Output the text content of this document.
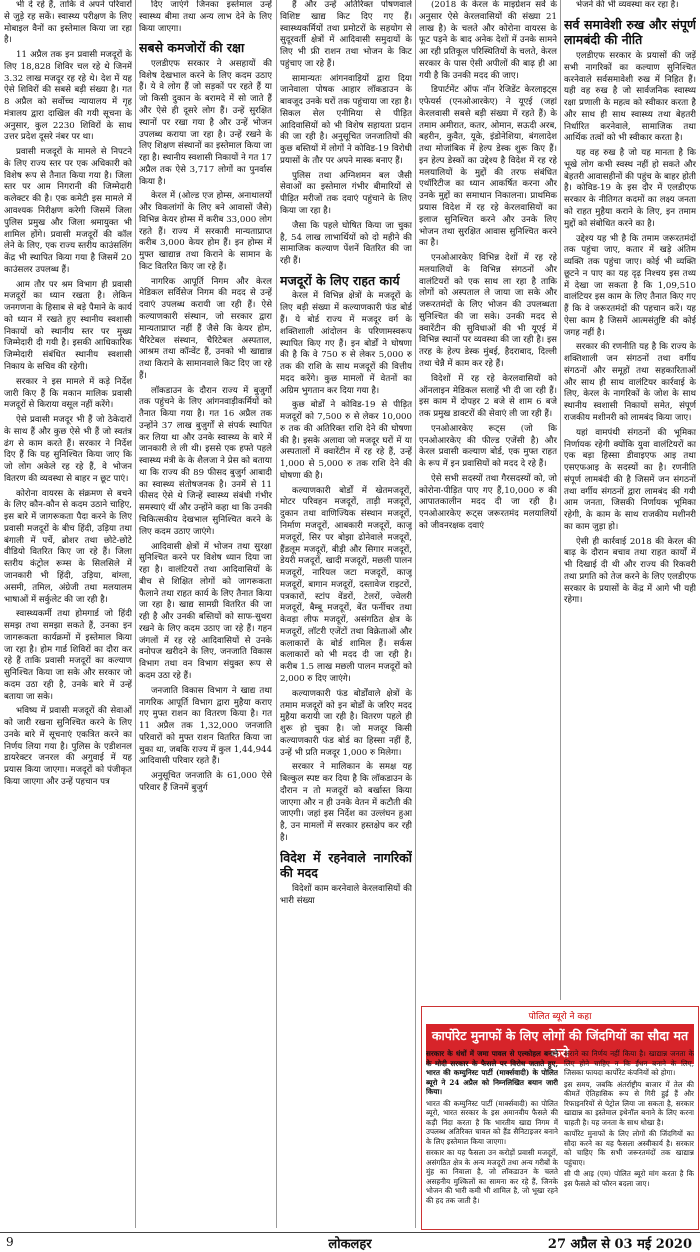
भी दे रहे हैं, ताकि वे अपने परिवारों से जुड़े रह सकें। स्वास्थ्य परीक्षण के लिए मोबाइल वैनों का इस्तेमाल किया जा रहा है।

11 अप्रैल तक इन प्रवासी मजदूरों के लिए 18,828 शिविर चल रहे थे जिनमें 3.32 लाख मजदूर रह रहे थे। देश में यह ऐसे शिविरों की सबसे बड़ी संख्या है। गत 8 अप्रैल को सर्वोच्च न्यायालय में गृह मंत्रालय द्वारा दाखिल की गयी सूचना के अनुसार, कुल 2230 शिविरों के साथ उत्तर प्रदेश दूसरे नंबर पर था।

प्रवासी मजदूरों के मामले से निपटने के लिए राज्य स्तर पर एक अधिकारी को विशेष रूप से तैनात किया गया है। जिला स्तर पर आम निगरानी की जिम्मेदारी कलेक्टर की है। एक कमेटी इस मामले में आवश्यक निरीक्षण करेगी जिसमें जिला पुलिस प्रमुख और जिला श्रमायुक्त भी शामिल होंगे। प्रवासी मजदूरों की कॉल लेने के लिए, एक राज्य स्तरीय काउंसलिंग केंद्र भी स्थापित किया गया है जिसमें 20 काउंसलर उपलब्ध हैं।

आम तौर पर श्रम विभाग ही प्रवासी मजदूरों का ध्यान रखता है। लेकिन जनगणना के हिसाब से बड़े पैमाने के कार्य को ध्यान में रखते हुए स्थानीय स्वशासी निकायों को स्थानीय स्तर पर मुख्य जिम्मेदारी दी गयी है। इसकी आधिकारिक जिम्मेदारी संबंधित स्थानीय स्वशासी निकाय के सचिव की रहेगी।

सरकार ने इस मामले में कड़े निर्देश जारी किए हैं कि मकान मालिक प्रवासी मजदूरों से किराया वसूल नहीं करेंगे।

ऐसे प्रवासी मजदूर भी हैं जो ठेकेदारों के साथ हैं और कुछ ऐसे भी हैं जो स्वतंत्र ढंग से काम करते हैं। सरकार ने निर्देश दिए हैं कि यह सुनिश्चित किया जाए कि जो लोग अकेले रह रहे हैं, वे भोजन वितरण की व्यवस्था से बाहर न छूट पाएं।

कोरोना वायरस के संक्रमण से बचने के लिए कौन-कौन से कदम उठाने चाहिए, इस बारे में जागरूकता पैदा करने के लिए प्रवासी मजदूरों के बीच हिंदी, उड़िया तथा बंगाली में पर्चे, ब्रोशर तथा छोटे-छोटे वीडियो वितरित किए जा रहे हैं। जिला स्तरीय कंट्रोल रूम्स के सिलसिले में जानकारी भी हिंदी, उड़िया, बांग्ला, असमी, तमिल, अंग्रेजी तथा मलयालम भाषाओं में सर्कुलेट की जा रही है।

स्वास्थ्यकर्मी तथा होमगार्ड जो हिंदी समझ तथा समझा सकते हैं, उनका इन जागरूकता कार्यक्रमों में इस्तेमाल किया जा रहा है। होम गार्ड शिविरों का दौरा कर रहे हैं ताकि प्रवासी मजदूरों का कल्याण सुनिश्चित किया जा सके और सरकार जो कदम उठा रही है, उनके बारे में उन्हें बताया जा सके।

भविष्य में प्रवासी मजदूरों की सेवाओं को जारी रखना सुनिश्चित करने के लिए उनके बारे में सूचनाएं एकत्रित करने का निर्णय लिया गया है। पुलिस के एडीशनल डायरेक्टर जनरल की अगुवाई में यह प्रयास किया जाएगा। मजदूरों को पंजीकृत किया जाएगा और उन्हें पहचान पत्र

दिए जाएंगे जिनका इस्तेमाल उन्हें स्वास्थ्य बीमा तथा अन्य लाभ देने के लिए किया जाएगा।

सबसे कमजोरों की रक्षा

एलडीएफ सरकार ने असहायों की विशेष देखभाल करने के लिए कदम उठाए हैं। ये वे लोग हैं जो सड़कों पर रहते हैं या जो किसी दुकान के बरामदे में सो जाते हैं और ऐसे ही दूसरे लोग हैं। उन्हें सुरक्षित स्थानों पर रखा गया है और उन्हें भोजन उपलब्ध कराया जा रहा है। उन्हें रखने के लिए शिक्षण संस्थानों का इस्तेमाल किया जा रहा है। स्थानीय स्वशासी निकायों ने गत 17 अप्रैल तक ऐसे 3,717 लोगों का पुनर्वास किया है।

केरल में (ओल्ड एज होम्स, अनाथालयों और विकलांगों के लिए बने आवासों जैसे) विभिन्न केयर होम्स में करीब 33,000 लोग रहते हैं। राज्य में सरकारी मान्यताप्राप्त करीब 3,000 केयर होम हैं। इन होम्स में मुफ्त खाद्यान्न तथा किराने के सामान के किट वितरित किए जा रहे हैं।

नागरिक आपूर्ति निगम और केरल मेडिकल सर्विसेज निगम की मदद से उन्हें दवाएं उपलब्ध करायी जा रही हैं। ऐसे कल्याणकारी संस्थान, जो सरकार द्वारा मान्यताप्राप्त नहीं हैं जैसे कि केयर होम, चैरिटेबल संस्थान, चैरिटेबल अस्पताल, आश्रम तथा कॉन्वेंट हैं, उनको भी खाद्यान्न तथा किराने के सामानवाले किट दिए जा रहे हैं।

लॉकडाउन के दौरान राज्य में बुजुर्गों तक पहुंचने के लिए आंगनवाड़ीकर्मियों को तैनात किया गया है। गत 16 अप्रैल तक उन्होंने 37 लाख बुजुर्गों से संपर्क स्थापित कर लिया था और उनके स्वास्थ्य के बारे में जानकारी ले ली थी। इससे एक हफ्ते पहले स्वास्थ्य मंत्री के के शैलजा ने प्रेस को बताया था कि राज्य की 89 फीसद बुजुर्ग आबादी का स्वास्थ्य संतोषजनक है। उनमें से 11 फीसद ऐसे थे जिन्हें स्वास्थ्य संबंधी गंभीर समस्याएं थीं और उन्होंने कहा था कि उनकी चिकित्सकीय देखभाल सुनिश्चित करने के लिए कदम उठाए जाएंगे।

आदिवासी क्षेत्रों में भोजन तथा सुरक्षा सुनिश्चित करने पर विशेष ध्यान दिया जा रहा है। वालंटियरों तथा आदिवासियों के बीच से शिक्षित लोगों को जागरूकता फैलाने तथा राहत कार्य के लिए तैनात किया जा रहा है। खाद्य सामग्री वितरित की जा रही है और उनकी बस्तियों को साफ-सुथरा रखने के लिए कदम उठाए जा रहे हैं। गहन जंगलों में रह रहे आदिवासियों से उनके वनोपज खरीदने के लिए, जनजाति विकास विभाग तथा वन विभाग संयुक्त रूप से कदम उठा रहे हैं।

जनजाति विकास विभाग ने खाद्य तथा नागरिक आपूर्ति विभाग द्वारा मुहैया कराए गए मुफ्त राशन का वितरण किया है। गत 11 अप्रैल तक 1,32,000 जनजाति परिवारों को मुफ्त राशन वितरित किया जा चुका था, जबकि राज्य में कुल 1,44,944 आदिवासी परिवार रहते हैं।

अनुसूचित जनजाति के 61,000 ऐसे परिवार हैं जिनमें बुजुर्ग

हैं और उन्हें अतिरिक्त पोषणवाले विशिष्ट खाद्य किट दिए गए हैं। स्वास्थ्यकर्मियों तथा प्रमोटरों के सहयोग से सुदूरवर्ती क्षेत्रों में आदिवासी समुदायों के लिए भी फ्री राशन तथा भोजन के किट पहुंचाए जा रहे हैं।

सामान्यतः आंगनवाड़ियों द्वारा दिया जानेवाला पोषक आहार लॉकडाउन के बावजूद उनके घरों तक पहुंचाया जा रहा है। सिकल सेल एनीमिया से पीड़ित आदिवासियों को भी विशेष सहायता प्रदान की जा रही है। अनुसूचित जनजातियों की कुछ बस्तियों में लोगों ने कोविड-19 विरोधी प्रयासों के तौर पर अपने मास्क बनाए हैं।

पुलिस तथा अग्निशमन बल जैसी सेवाओं का इस्तेमाल गंभीर बीमारियों से पीड़ित मरीजों तक दवाएं पहुंचाने के लिए किया जा रहा है।

जैसा कि पहले घोषित किया जा चुका है, 54 लाख लाभार्थियों को दो महीने की सामाजिक कल्याण पेंशनें वितरित की जा रही हैं।

मजदूरों के लिए राहत कार्य

केरल में विभिन्न क्षेत्रों के मजदूरों के लिए बड़ी संख्या में कल्याणकारी फंड बोर्ड हैं। ये बोर्ड राज्य में मजदूर वर्ग के शक्तिशाली आंदोलन के परिणामस्वरूप स्थापित किए गए हैं। इन बोर्डों ने घोषणा की है कि वे 750 रु से लेकर 5,000 रु तक की राशि के साथ मजदूरों की वित्तीय मदद करेंगे। कुछ मामलों में वेतनों का अग्रिम भुगतान कर दिया गया है।

कुछ बोर्डों ने कोविड-19 से पीड़ित मजदूरों को 7,500 रु से लेकर 10,000 रु तक की अतिरिक्त राशि देने की घोषणा की है। इसके अलावा जो मजदूर घरों में या अस्पतालों में क्वारेंटीन में रह रहे हैं, उन्हें 1,000 से 5,000 रु तक राशि देने की घोषणा की है।

कल्याणकारी बोर्डों में खेतमजदूरों, मोटर परिवहन मजदूरों, ताड़ी मजदूरों, दुकान तथा वाणिज्यिक संस्थान मजदूरों, निर्माण मजदूरों, आबकारी मजदूरों, काजू मजदूरों, सिर पर बोझा ढोनेवाले मजदूरों, हैंडलूम मजदूरों, बीड़ी और सिगार मजदूरों, डेयरी मजदूरों, खादी मजदूरों, मछली पालन मजदूरों, नारियल जटा मजदूरों, काजू मजदूरों, बागान मजदूरों, दस्तावेज राइटरों, पत्रकारों, स्टांप वेंडरों, टेलरों, ज्वेलरी मजदूरों, बैम्बू मजदूरों, बेंत फर्नीचर तथा केवड़ा लीफ मजदूरों, असंगठित क्षेत्र के मजदूरों, लॉटरी एजेंटों तथा विक्रेताओं और कलाकारों के बोर्ड शामिल हैं। सर्कस कलाकारों को भी मदद दी जा रही है। करीब 1.5 लाख मछली पालन मजदूरों को 2,000 रु दिए जाएंगे।

कल्याणकारी फंड बोर्डोंवाले क्षेत्रों के तमाम मजदूरों को इन बोर्डों के जरिए मदद मुहैया करायी जा रही है। वितरण पहले ही शुरू हो चुका है। जो मजदूर किसी कल्याणकारी फंड बोर्ड का हिस्सा नहीं हैं, उन्हें भी प्रति मजदूर 1,000 रु मिलेगा।

सरकार ने मालिकान के समक्ष यह बिल्कुल स्पष्ट कर दिया है कि लॉकडाउन के दौरान न तो मजदूरों को बर्खास्त किया जाएगा और न ही उनके वेतन में कटौती की जाएगी। जहां इस निर्देश का उल्लंघन हुआ है, उन मामलों में सरकार हस्तक्षेप कर रही है।

विदेश में रहनेवाले नागरिकों की मदद

विदेशों काम करनेवाले केरलवासियों की भारी संख्या

(2018 के केरल के माइग्रेशन सर्वे के अनुसार ऐसे केरलवासियों की संख्या 21 लाख है) के चलते और कोरोना वायरस के फूट पड़ने के बाद अनेक देशों में उनके सामने आ रही प्रतिकूल परिस्थितियों के चलते, केरल सरकार के पास ऐसी अपीलों की बाढ़ ही आ गयी है कि उनकी मदद की जाए।

डिपार्टमेंट ऑफ नॉन रेजिडेंट केरलाइट्स एफेयर्स (एनओआरकेए) ने यूएई (जहां केरलवासी सबसे बड़ी संख्या में रहते हैं) के तमाम अमीरात, कतर, ओमान, सऊदी अरब, बहरीन, कुवैत, यूके, इंडोनेशिया, बंगलादेश तथा मोजांबिक में हेल्प डेस्क शुरू किए हैं। इन हेल्प डेस्कों का उद्देश्य है विदेश में रह रहे मलयालियों के मुद्दों की तरफ संबंधित एथॉरिटीज का ध्यान आकर्षित करना और उनके मुद्दों का समाधान निकालना। प्राथमिक प्रयास विदेश में रह रहे केरलवासियों का इलाज सुनिश्चित करने और उनके लिए भोजन तथा सुरक्षित आवास सुनिश्चित करने का है।

एनओआरकेए विभिन्न देशों में रह रहे मलयालियों के विभिन्न संगठनों और वालंटियरों को एक साथ ला रहा है ताकि लोगों को अस्पताल ले जाया जा सके और जरूरतमंदों के लिए भोजन की उपलब्धता सुनिश्चित की जा सके। उनकी मदद से क्वारेंटीन की सुविधाओं की भी यूएई में विभिन्न स्थानों पर व्यवस्था की जा रही है। इस तरह के हेल्प डेस्क मुंबई, हैदराबाद, दिल्ली तथा चेन्नै में काम कर रहे हैं।

विदेशों में रह रहे केरलवासियों को ऑनलाइन मेडिकल सलाहें भी दी जा रही हैं। इस काम में दोपहर 2 बजे से शाम 6 बजे तक प्रमुख डाक्टरों की सेवाएं ली जा रही हैं।

एनओआरकेए रूट्स (जो कि एनओआरकेए की फील्ड एजेंसी है) और केरल प्रवासी कल्याण बोर्ड, एक मुफ्त राहत के रूप में इन प्रवासियों को मदद दे रहे हैं।

ऐसे सभी सदस्यों तथा गैरसदस्यों को, जो कोरोना-पीड़ित पाए गए हैं,10,000 रु की आपातकालीन मदद दी जा रही है। एनओआरकेए रूट्स जरूरतमंद मलयालियों को जीवनरक्षक दवाएं

भेजने की भी व्यवस्था कर रहा है।

सर्व समावेशी रुख और संपूर्ण लामबंदी की नीति

एलडीएफ सरकार के प्रयासों की जड़ें सभी नागरिकों का कल्याण सुनिश्चित करनेवाले सर्वसमावेशी रुख में निहित हैं। यही वह रुख है जो सार्वजनिक स्वास्थ्य रक्षा प्रणाली के महत्व को स्वीकार करता है और साथ ही साथ स्वास्थ्य तथा बेहतरी निर्धारित करनेवाले, सामाजिक तथा आर्थिक तत्वों को भी स्वीकार करता है।

यह वह रुख है जो यह मानता है कि भूखे लोग कभी स्वस्थ नहीं हो सकते और बेहतरी आवासहीनों की पहुंच के बाहर होती है। कोविड-19 के इस दौर में एलडीएफ सरकार के नीतिगत कदमों का लक्ष्य जनता को राहत मुहैया कराने के लिए, इन तमाम मुद्दों को संबोधित करने का है।

उद्देश्य यह भी है कि तमाम जरूरतमंदों तक पहुंचा जाए, कतार में खड़े अंतिम व्यक्ति तक पहुंचा जाए। कोई भी व्यक्ति छूटने न पाए का यह दृढ़ निश्चय इस तथ्य में देखा जा सकता है कि 1,09,510 वालंटियर इस काम के लिए तैनात किए गए हैं कि वे जरूरतमंदों की पहचान करें। यह ऐसा काम है जिसमें आत्मसंतुष्टि की कोई जगह नहीं है।

सरकार की रणनीति यह है कि राज्य के शक्तिशाली जन संगठनों तथा वर्गीय संगठनों और समूहों तथा सहकारिताओं और साथ ही साथ वालंटियर कार्रवाई के लिए, केरल के नागरिकों के जोश के साथ स्थानीय स्वशासी निकायों समेत, संपूर्ण राजकीय मशीनरी को लामबंद किया जाए।

यहां वामपंथी संगठनों की भूमिका निर्णायक रहेगी क्योंकि युवा वालंटियरों का एक बड़ा हिस्सा डीवाइएफ आइ तथा एसएफआइ के सदस्यों का है। रणनीति संपूर्ण लामबंदी की है जिसमें जन संगठनों तथा वर्गीय संगठनों द्वारा लामबंद की गयी आम जनता, जिसकी निर्णायक भूमिका रहेगी, के काम के साथ राजकीय मशीनरी का काम जुड़ा हो।

ऐसी ही कार्रवाई 2018 की केरल की बाढ़ के दौरान बचाव तथा राहत कार्यों में भी दिखाई दी थी और राज्य की रिकवरी तथा प्रगति को तेज करने के लिए एलडीएफ सरकार के प्रयासों के केंद्र में आगे भी यही रहेगा।

पोलित ब्यूरो ने कहा
कार्पोरेट मुनाफों के लिए लोगों की जिंदगियों का सौदा मत करो

सरकार के धंधों में जमा पावल से एल्कोहल बनाने के मोदी सरकार के फैसले पर विरोध जताते हुए, भारत की कम्युनिस्ट पार्टी (मार्क्सवादी) के पोलित ब्यूरो ने 24 अप्रैल को निम्नलिखित बयान जारी किया।

भारत की कम्युनिस्ट पार्टी (मार्क्सवादी) का पोलित ब्यूरो, भारत सरकार के इस अमानवीय फैसले की कड़ी निंदा करता है कि भारतीय खाद्य निगम में उपलब्ध अतिरिक्त चावल को हैंड सैनिटाइजर बनाने के लिए इस्तेमाल किया जाएगा।

सरकार का यह फैसला उन करोड़ों प्रवासी मजदूरों, असंगठित क्षेत्र के अन्य मजदूरों तथा अन्य गरीबों के मुंह का निवाला है, जो लॉकडाउन के चलते असहनीय मुश्किलों का सामना कर रहे हैं, जिनके भोजन की भारी कमी भी शामिल है, जो भूखा रहने की हद तक जाती है।

कराने का निर्णय नहीं किया है। खाद्यान्न जनता के लिए होने चाहिए न कि ईंधन बनाने के लिए, जिसका फायदा कार्पोरेट कंपनियों को होगा।

इस समय, जबकि अंतर्राष्ट्रीय बाजार में तेल की कीमतें ऐतिहासिक रूप से गिरी हुई हैं और रिफाइनरियों से पेट्रोल लिया जा सकता है, सरकार खाद्यान्न का इस्तेमाल इथेनॉल बनाने के लिए करना चाहती है। यह जनता के साथ धोखा है।

कार्पोरेट मुनाफों के लिए लोगों की जिंदगियों का सौदा करने का यह फैसला अस्वीकार्य है। सरकार को चाहिए कि सभी जरूरतमंदों तक खाद्यान्न पहुंचाए।

सी पी आइ (एम) पोलित ब्यूरो मांग करता है कि इस फैसले को फौरन बदला जाए।

9	लोकलहर	27 अप्रैल से 03 मई 2020
